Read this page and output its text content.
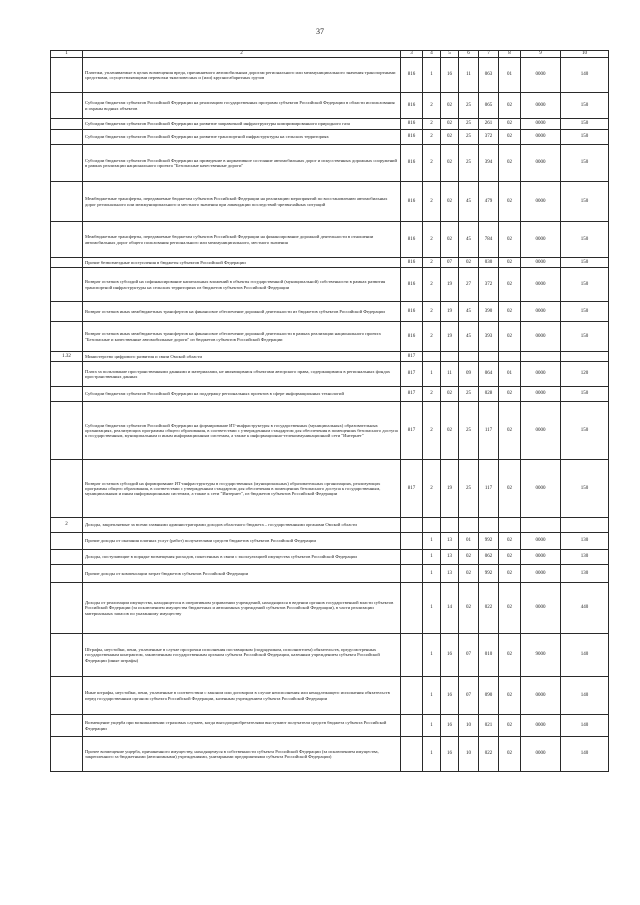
37
1	2	3	4	5	6	7	8	9	10
	Платежи, уплачиваемые в целях возмещения вреда, причиняемого автомобильным дорогам регионального или межмуниципального значения транспортными средствами, осуществляющими перевозки тяжеловесных и (или) крупногабаритных грузов	816	1	16	11	063	01	0000	140
	Субсидии бюджетам субъектов Российской Федерации на реализацию государственных программ субъектов Российской Федерации в области использования и охраны водных объектов	816	2	02	25	065	02	0000	150
	Субсидии бюджетам субъектов Российской Федерации на развитие заправочной инфраструктуры компримированного природного газа	816	2	02	25	261	02	0000	150
	Субсидии бюджетам субъектов Российской Федерации на развитие транспортной инфраструктуры на сельских территориях	816	2	02	25	372	02	0000	150
	Субсидии бюджетам субъектов Российской Федерации на приведение в нормативное состояние автомобильных дорог и искусственных дорожных сооружений в рамках реализации национального проекта "Безопасные качественные дороги"	816	2	02	25	394	02	0000	150
	Межбюджетные трансферты, передаваемые бюджетам субъектов Российской Федерации на реализацию мероприятий по восстановлению автомобильных дорог регионального или межмуниципального и местного значения при ликвидации последствий чрезвычайных ситуаций	816	2	02	45	479	02	0000	150
	Межбюджетные трансферты, передаваемые бюджетам субъектов Российской Федерации на финансирование дорожной деятельности в отношении автомобильных дорог общего пользования регионального или межмуниципального, местного значения	816	2	02	45	784	02	0000	150
	Прочие безвозмездные поступления в бюджеты субъектов Российской Федерации	816	2	07	02	030	02	0000	150
	Возврат остатков субсидий на софинансирование капитальных вложений в объекты государственной (муниципальной) собственности в рамках развития транспортной инфраструктуры на сельских территориях из бюджетов субъектов Российской Федерации	816	2	19	27	372	02	0000	150
	Возврат остатков иных межбюджетных трансфертов на финансовое обеспечение дорожной деятельности из бюджетов субъектов Российской Федерации	816	2	19	45	390	02	0000	150
	Возврат остатков иных межбюджетных трансфертов на финансовое обеспечение дорожной деятельности в рамках реализации национального проекта "Безопасные и качественные автомобильные дороги" из бюджетов субъектов Российской Федерации	816	2	19	45	393	02	0000	150
1.32	Министерство цифрового развития и связи Омской области	817							
	Плата за пользование пространственными данными и материалами, не являющимися объектами авторского права, содержащимися в региональных фондах пространственных данных	817	1	11	09	064	01	0000	120
	Субсидии бюджетам субъектов Российской Федерации на поддержку региональных проектов в сфере информационных технологий	817	2	02	25	028	02	0000	150
	Субсидии бюджетам субъектов Российской Федерации на формирование ИТ-инфраструктуры в государственных (муниципальных) образовательных организациях, реализующих программы общего образования, в соответствии с утвержденным стандартом для обеспечения в помещениях безопасного доступа к государственным, муниципальным и иным информационным системам, а также к информационно-телекоммуникационной сети "Интернет"	817	2	02	25	117	02	0000	150
	Возврат остатков субсидий на формирование ИТ-инфраструктуры в государственных (муниципальных) образовательных организациях, реализующих программы общего образования, в соответствии с утвержденным стандартом для обеспечения в помещениях безопасного доступа к государственным, муниципальным и иным информационным системам, а также к сети "Интернет", из бюджетов субъектов Российской Федерации	817	2	19	25	117	02	0000	150
2	Доходы, закрепляемые за всеми главными администраторами доходов областного бюджета – государственными органами Омской области								
	Прочие доходы от оказания платных услуг (работ) получателями средств бюджетов субъектов Российской Федерации		1	13	01	992	02	0000	130
	Доходы, поступающие в порядке возмещения расходов, понесенных в связи с эксплуатацией имущества субъектов Российской Федерации		1	13	02	062	02	0000	130
	Прочие доходы от компенсации затрат бюджетов субъектов Российской Федерации		1	13	02	992	02	0000	130
	Доходы от реализации имущества, находящегося в оперативном управлении учреждений, находящихся в ведении органов государственной власти субъектов Российской Федерации (за исключением имущества бюджетных и автономных учреждений субъектов Российской Федерации), в части реализации материальных запасов по указанному имуществу		1	14	02	022	02	0000	440
	Штрафы, неустойки, пени, уплаченные в случае просрочки исполнения поставщиком (подрядчиком, исполнителем) обязательств, предусмотренных государственным контрактом, заключенным государственным органом субъекта Российской Федерации, казенным учреждением субъекта Российской Федерации (иные штрафы)		1	16	07	010	02	9000	140
	Иные штрафы, неустойки, пени, уплаченные в соответствии с законом или договором в случае неисполнения или ненадлежащего исполнения обязательств перед государственным органом субъекта Российской Федерации, казенным учреждением субъекта Российской Федерации		1	16	07	090	02	0000	140
	Возмещение ущерба при возникновении страховых случаев, когда выгодоприобретателями выступают получатели средств бюджета субъекта Российской Федерации		1	16	10	021	02	0000	140
	Прочее возмещение ущерба, причиненного имуществу, находящемуся в собственности субъекта Российской Федерации (за исключением имущества, закрепленного за бюджетными (автономными) учреждениями, унитарными предприятиями субъекта Российской Федерации)		1	16	10	022	02	0000	140
